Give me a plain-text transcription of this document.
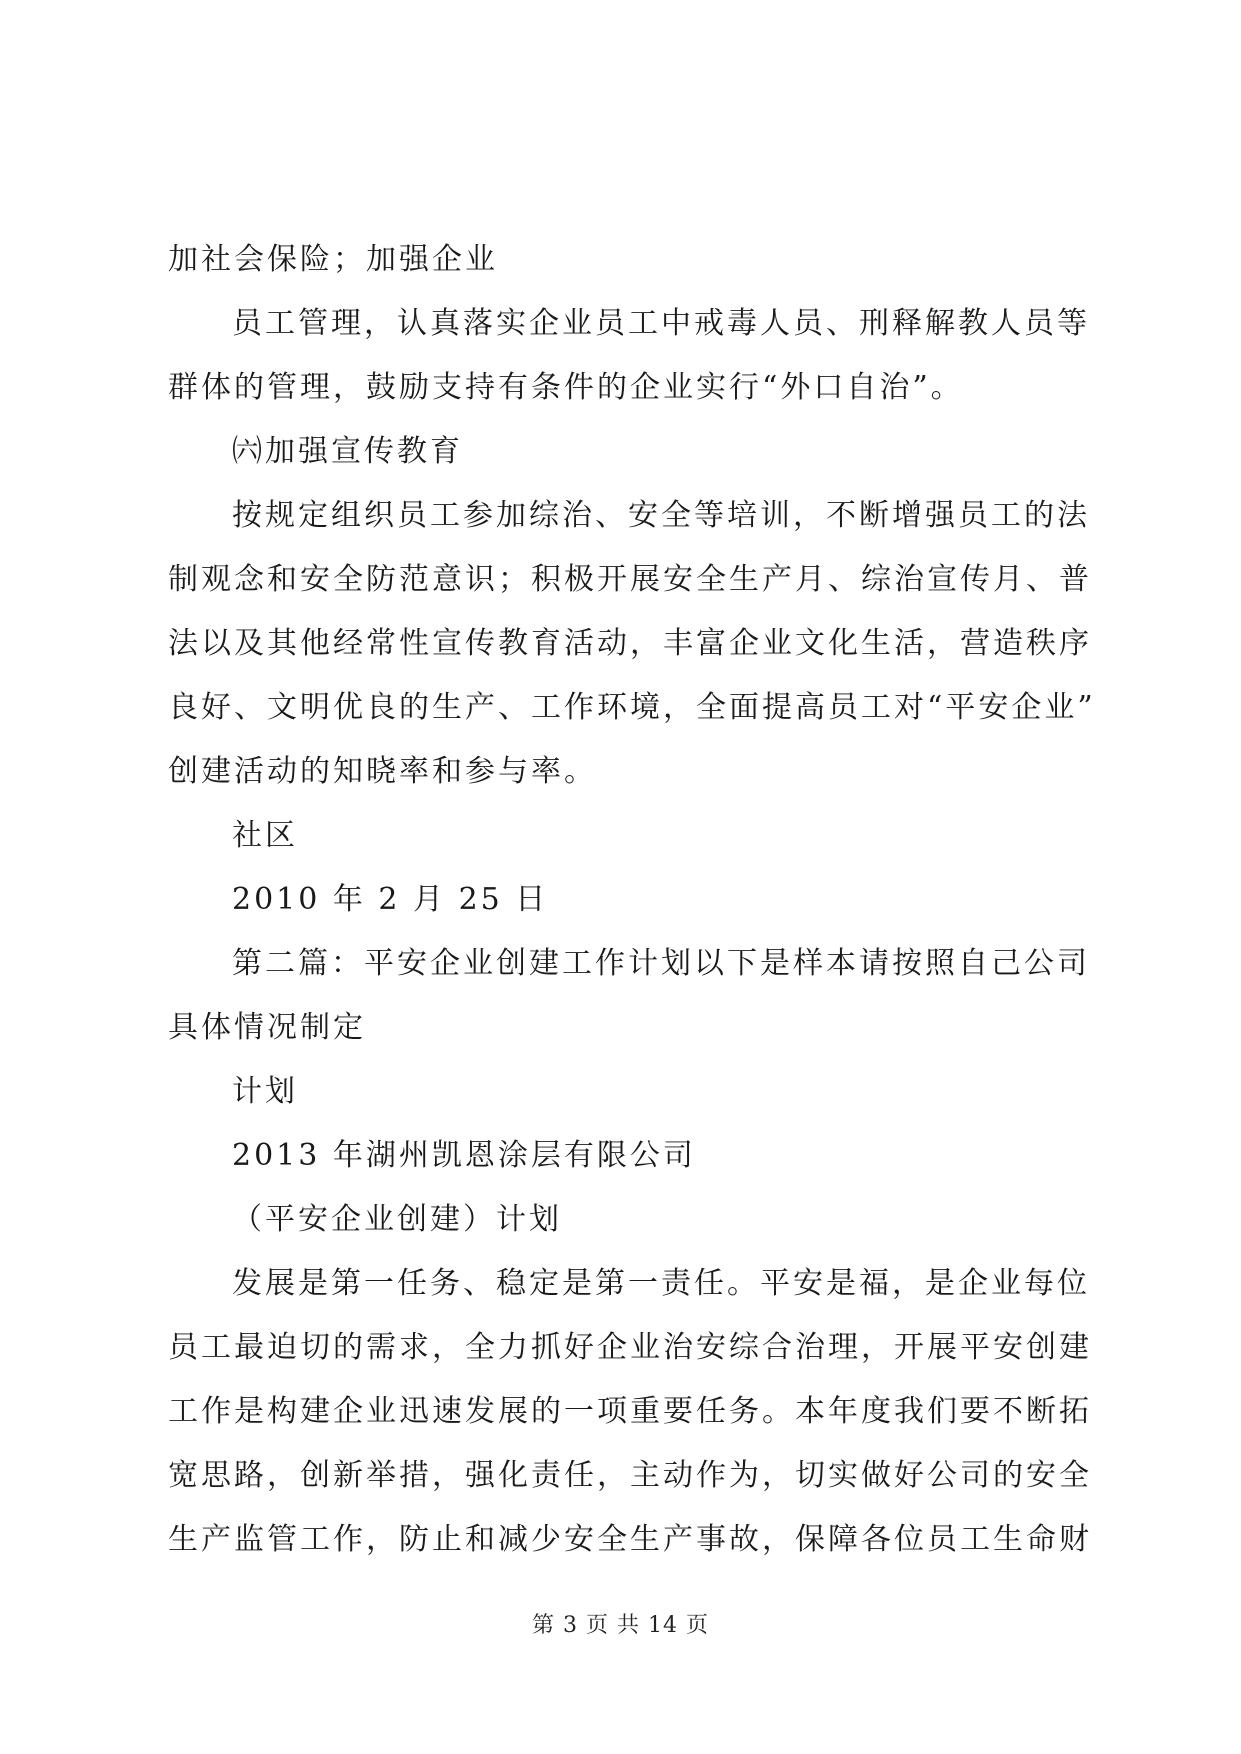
加社会保险；加强企业
员工管理，认真落实企业员工中戒毒人员、刑释解教人员等
群体的管理，鼓励支持有条件的企业实行“外口自治”。
㈥加强宣传教育
按规定组织员工参加综治、安全等培训，不断增强员工的法
制观念和安全防范意识；积极开展安全生产月、综治宣传月、普
法以及其他经常性宣传教育活动，丰富企业文化生活，营造秩序
良好、文明优良的生产、工作环境，全面提高员工对“平安企业”
创建活动的知晓率和参与率。
社区
2010 年 2 月 25 日
第二篇：平安企业创建工作计划以下是样本请按照自己公司
具体情况制定
计划
2013 年湖州凯恩涂层有限公司
（平安企业创建）计划
发展是第一任务、稳定是第一责任。平安是福，是企业每位
员工最迫切的需求，全力抓好企业治安综合治理，开展平安创建
工作是构建企业迅速发展的一项重要任务。本年度我们要不断拓
宽思路，创新举措，强化责任，主动作为，切实做好公司的安全
生产监管工作，防止和减少安全生产事故，保障各位员工生命财
第 3 页 共 14 页
